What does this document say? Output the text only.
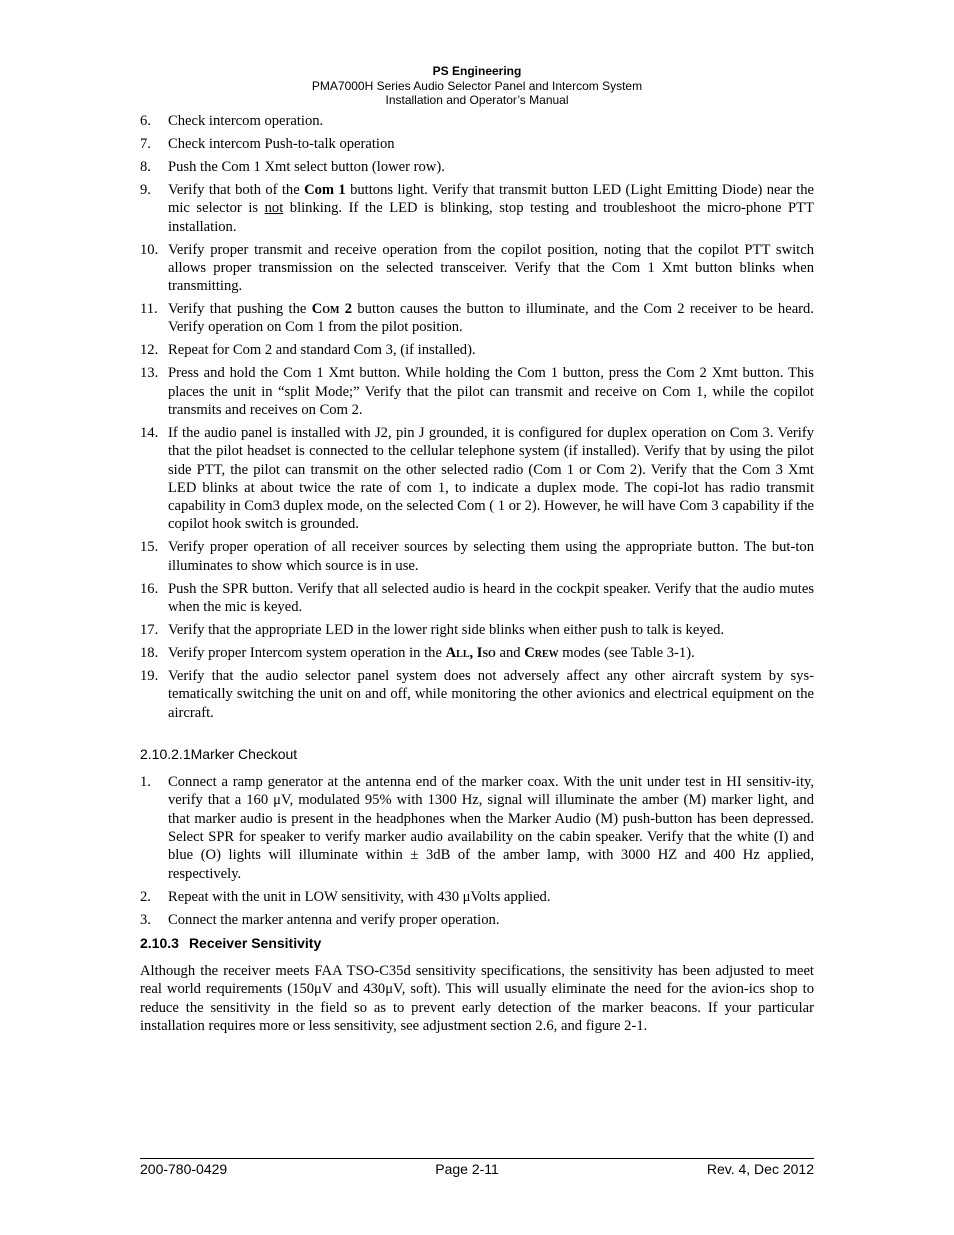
PS Engineering
PMA7000H Series Audio Selector Panel and Intercom System
Installation and Operator’s Manual
6. Check intercom operation.
7. Check intercom Push-to-talk operation
8. Push the Com 1 Xmt select button (lower row).
9. Verify that both of the Com 1 buttons light. Verify that transmit button LED (Light Emitting Diode) near the mic selector is not blinking. If the LED is blinking, stop testing and troubleshoot the micro-phone PTT installation.
10. Verify proper transmit and receive operation from the copilot position, noting that the copilot PTT switch allows proper transmission on the selected transceiver. Verify that the Com 1 Xmt button blinks when transmitting.
11. Verify that pushing the Com 2 button causes the button to illuminate, and the Com 2 receiver to be heard. Verify operation on Com 1 from the pilot position.
12. Repeat for Com 2 and standard Com 3, (if installed).
13. Press and hold the Com 1 Xmt button. While holding the Com 1 button, press the Com 2 Xmt button. This places the unit in “split Mode;” Verify that the pilot can transmit and receive on Com 1, while the copilot transmits and receives on Com 2.
14. If the audio panel is installed with J2, pin J grounded, it is configured for duplex operation on Com 3. Verify that the pilot headset is connected to the cellular telephone system (if installed). Verify that by using the pilot side PTT, the pilot can transmit on the other selected radio (Com 1 or Com 2). Verify that the Com 3 Xmt LED blinks at about twice the rate of com 1, to indicate a duplex mode. The copi-lot has radio transmit capability in Com3 duplex mode, on the selected Com ( 1 or 2). However, he will have Com 3 capability if the copilot hook switch is grounded.
15. Verify proper operation of all receiver sources by selecting them using the appropriate button. The but-ton illuminates to show which source is in use.
16. Push the SPR button. Verify that all selected audio is heard in the cockpit speaker. Verify that the audio mutes when the mic is keyed.
17. Verify that the appropriate LED in the lower right side blinks when either push to talk is keyed.
18. Verify proper Intercom system operation in the All, Iso and Crew modes (see Table 3-1).
19. Verify that the audio selector panel system does not adversely affect any other aircraft system by sys-tematically switching the unit on and off, while monitoring the other avionics and electrical equipment on the aircraft.
2.10.2.1Marker Checkout
1. Connect a ramp generator at the antenna end of the marker coax. With the unit under test in HI sensitiv-ity, verify that a 160 μV, modulated 95% with 1300 Hz, signal will illuminate the amber (M) marker light, and that marker audio is present in the headphones when the Marker Audio (M) push-button has been depressed. Select SPR for speaker to verify marker audio availability on the cabin speaker. Verify that the white (I) and blue (O) lights will illuminate within ± 3dB of the amber lamp, with 3000 HZ and 400 Hz applied, respectively.
2. Repeat with the unit in LOW sensitivity, with 430 μVolts applied.
3. Connect the marker antenna and verify proper operation.
2.10.3 Receiver Sensitivity

Although the receiver meets FAA TSO-C35d sensitivity specifications, the sensitivity has been adjusted to meet real world requirements (150μV and 430μV, soft). This will usually eliminate the need for the avion-ics shop to reduce the sensitivity in the field so as to prevent early detection of the marker beacons. If your particular installation requires more or less sensitivity, see adjustment section 2.6, and figure 2-1.

200-780-0429	Page 2-11	Rev. 4, Dec 2012
